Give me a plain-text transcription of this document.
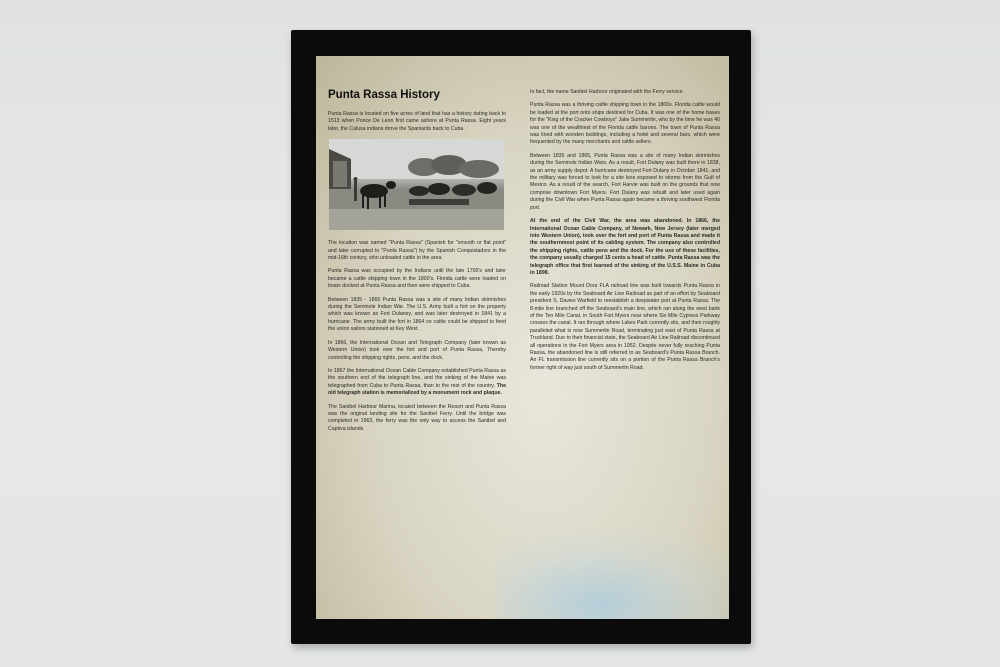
Punta Rassa History

Punta Rassa is located on five acres of land that has a history dating back to 1513 when Ponce De Leon first came ashore at Punta Rassa. Eight years later, the Calusa indians drove the Spaniards back to Cuba.

The location was named "Punta Rassa" (Spanish for "smooth or flat point" and later corrupted to "Punta Rassa") by the Spanish Conquistadors in the mid-16th century, who unloaded cattle in the area.

Punta Rassa was occupied by the Indians until the late 1700's and later became a cattle shipping town in the 1800's. Florida cattle were loaded on boats docked at Punta Rassa and then were shipped to Cuba.

Between 1835 - 1865 Punta Rassa was a site of many Indian skirmishes during the Seminole Indian War. The U.S. Army built a fort on the property which was known as Fort Dulaney, and was later destroyed in 1841 by a hurricane. The army built the fort in 1864 so cattle could be shipped to feed the union sailors stationed at Key West.

In 1866, the International Ocean and Telegraph Company (later known as Western Union) took over the fort and port of Punta Rassa, Thereby controlling the shipping rights, pens, and the dock.

In 1867 the International Ocean Cable Company established Punta Rassa as the southern end of the telegraph line, and the sinking of the Maine was telegraphed from Cuba to Punta Rassa, than to the rest of the country. The old telegraph station is memorialized by a monument rock and plaque.

The Sanibel Harbour Marina, located between the Resort and Punta Rassa was the original landing site for the Sanibel Ferry. Until the bridge was completed in 1963, the ferry was the only way to access the Sanibel and Captiva islands.

In fact, the name Sanibel Harbour originated with the Ferry service.

Punta Rassa was a thriving cattle shipping town in the 1800s. Florida cattle would be loaded at the port onto ships destined for Cuba. It was one of the home bases for the "King of the Cracker Cowboys" Jake Summerlin, who by the time he was 40 was one of the wealthiest of the Florida cattle barons. The town of Punta Rassa was lined with wooden buildings, including a hotel and several bars, which were frequented by the many merchants and cattle sellers.

Between 1835 and 1865, Punta Rassa was a site of many Indian skirmishes during the Seminole Indian Wars. As a result, Fort Dulany was built there in 1838, as an army supply depot. A hurricane destroyed Fort Dulany in October 1841, and the military was forced to look for a site less exposed to storms from the Gulf of Mexico. As a result of the search, Fort Harvie was built on the grounds that now comprise downtown Fort Myers. Fort Dulany was rebuilt and later used again during the Civil War when Punta Rassa again became a thriving southwest Florida port.

At the end of the Civil War, the area was abandoned. In 1866, the International Ocean Cable Company, of Newark, New Jersey (later merged into Western Union), took over the fort end port of Punta Rassa and made it the southernmost point of its cabling system. The company also controlled the shipping rights, cattle pens and the dock. For the use of these facilities, the company usually charged 15 cents a head of cattle. Punta Rassa was the telegraph office that first learned of the sinking of the U.S.S. Maine in Cuba in 1898.

Railroad Station Mount Dora FLA railroad line was built towards Punta Rassa in the early 1920s by the Seaboard Air Line Railroad as part of an effort by Seaboard president S. Davies Warfield to reestablish a deepwater port at Punta Rassa. The 8-mile line branched off the Seaboard's main line, which ran along the west bank of the Ten Mile Canal, in South Fort Myers near where Six Mile Cypress Parkway crosses the canal. It ran through where Lakes Park currently sits, and then roughly paralleled what is now Summerlin Road, terminating just east of Punta Rassa at Truckland. Due to their financial state, the Seaboard Air Line Railroad discontinued all operations in the Fort Myers area in 1952. Despite never fully reaching Punta Rassa, the abandoned line is still referred to as Seaboard's Punta Rassa Branch. An FL transmission line currently sits on a portion of the Punta Rassa Branch's former right of way just south of Summerlin Road.
